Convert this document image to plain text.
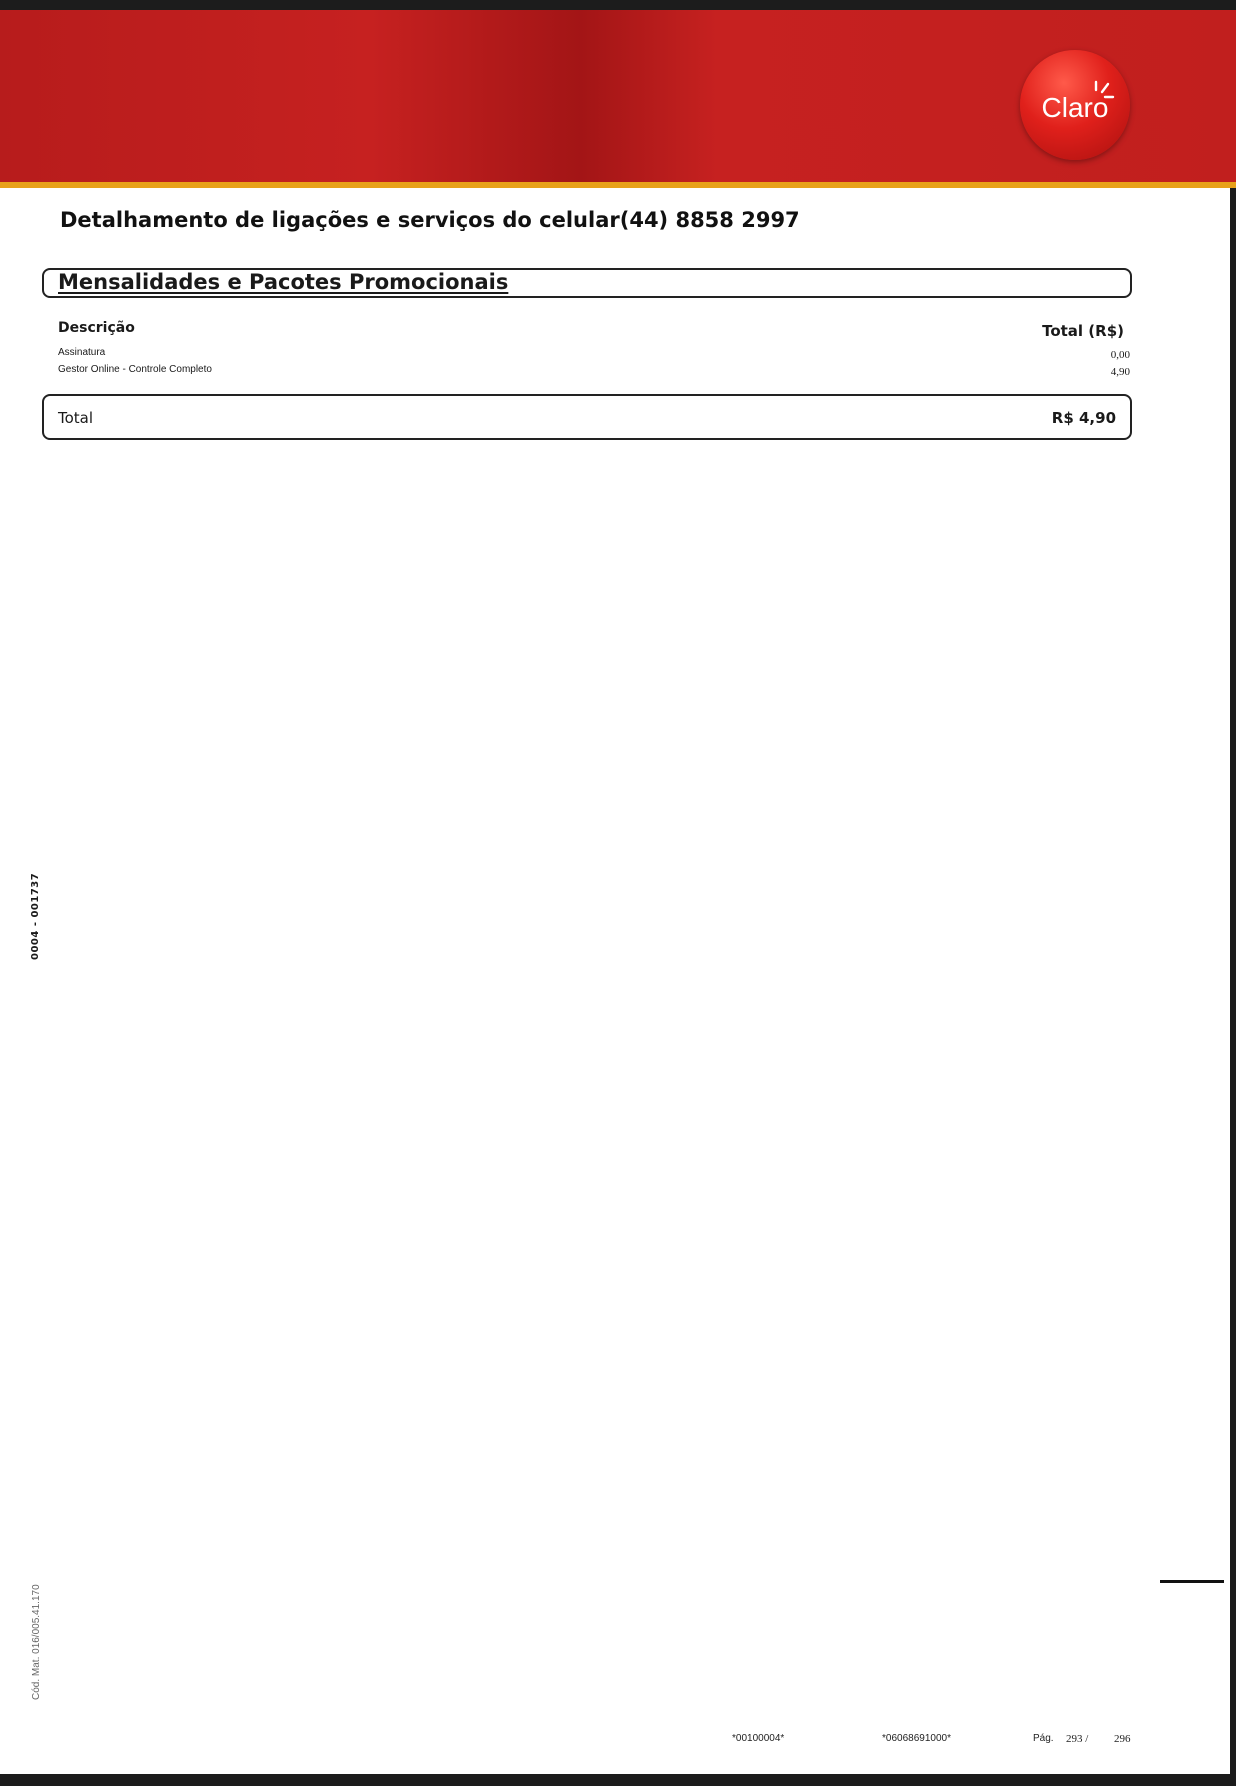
Claro
Detalhamento de ligações e serviços do celular(44) 8858 2997
Mensalidades e Pacotes Promocionais
Descrição	Total (R$)
Assinatura	0,00
Gestor Online - Controle Completo	4,90
Total	R$ 4,90
0004 - 001737
Cód. Mat. 016/005.41.170
*00100004*	*06068691000*	Pág. 293 / 296
